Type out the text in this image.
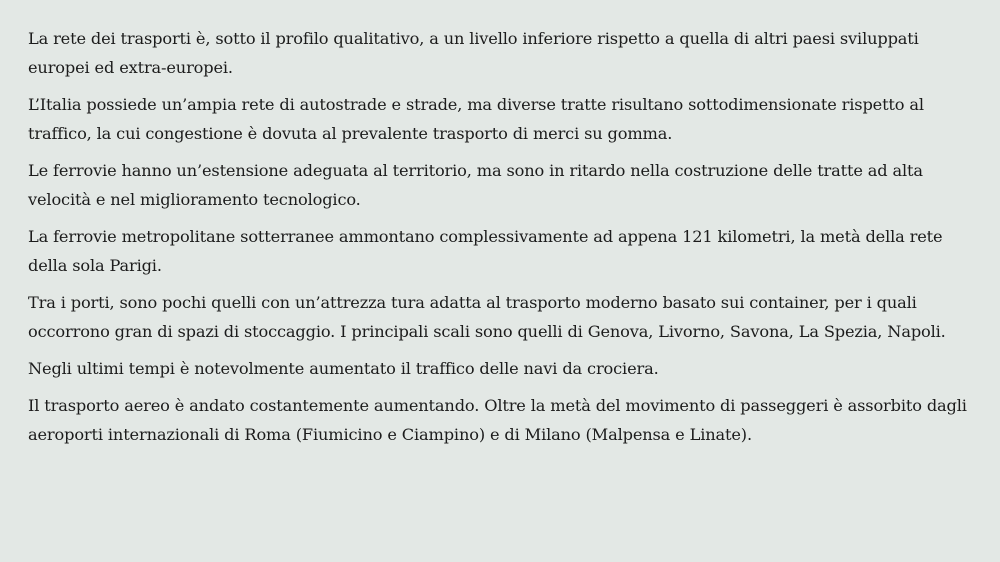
La rete dei trasporti è, sotto il profilo qualitativo, a un livello inferiore rispetto a quella di altri paesi sviluppati europei ed extra-europei.

L’Italia possiede un’ampia rete di autostrade e strade, ma diverse tratte risultano sottodimensionate rispetto al traffico, la cui congestione è dovuta al prevalente trasporto di merci su gomma.

Le ferrovie hanno un’estensione adeguata al territorio, ma sono in ritardo nella costruzione delle tratte ad alta velocità e nel miglioramento tecnologico.

La ferrovie metropolitane sotterranee ammontano complessivamente ad appena 121 kilometri, la metà della rete della sola Parigi.

Tra i porti, sono pochi quelli con un’attrezza tura adatta al trasporto moderno basato sui container, per i quali occorrono gran di spazi di stoccaggio. I principali scali sono quelli di Genova, Livorno, Savona, La Spezia, Napoli.

Negli ultimi tempi è notevolmente aumentato il traffico delle navi da crociera.

Il trasporto aereo è andato costantemente aumentando. Oltre la metà del movimento di passeggeri è assorbito dagli aeroporti internazionali di Roma (Fiumicino e Ciampino) e di Milano (Malpensa e Linate).
